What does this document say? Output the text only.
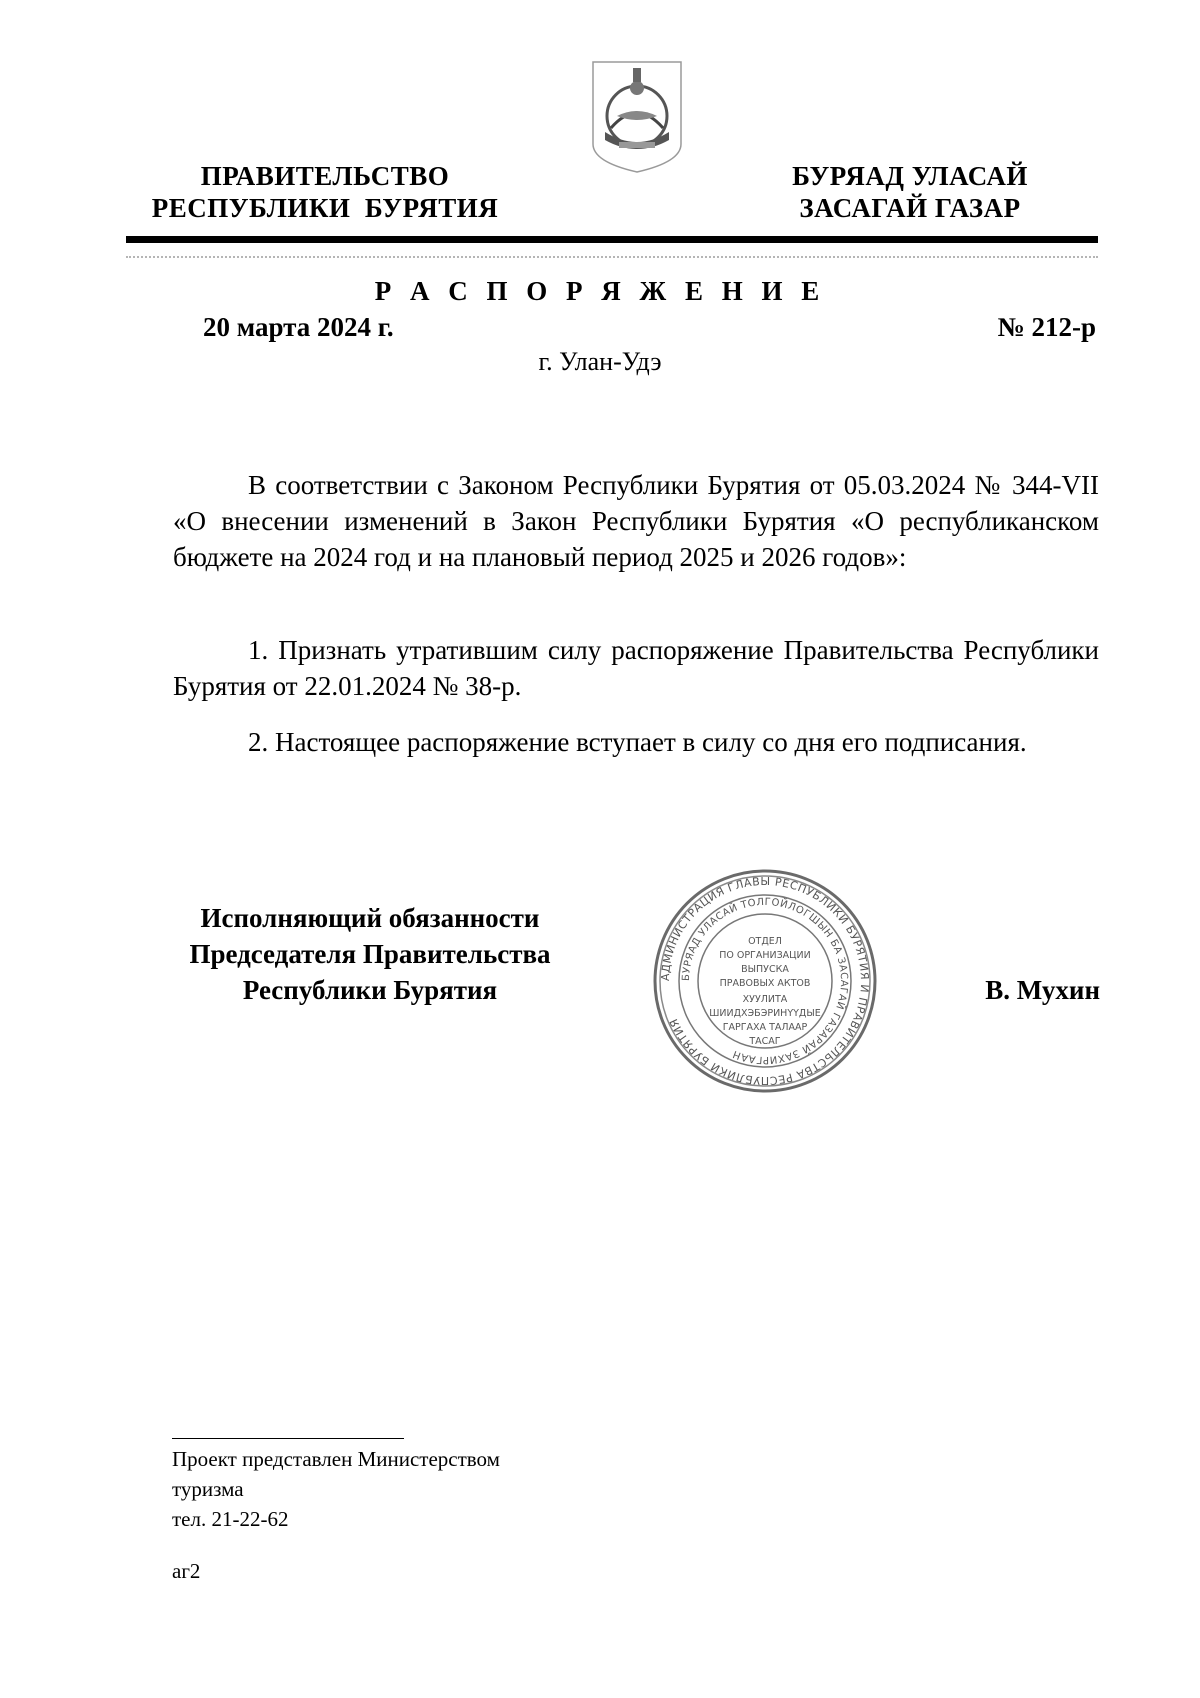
ПРАВИТЕЛЬСТВО
РЕСПУБЛИКИ  БУРЯТИЯ
БУРЯАД УЛАСАЙ
ЗАСАГАЙ ГАЗАР
Р А С П О Р Я Ж Е Н И Е
20 марта 2024 г.	№ 212-р
г. Улан-Удэ
В соответствии с Законом Республики Бурятия от 05.03.2024 № 344-VII «О внесении изменений в Закон Республики Бурятия «О республиканском бюджете на 2024 год и на плановый период 2025 и 2026 годов»:
1. Признать утратившим силу распоряжение Правительства Республики Бурятия от 22.01.2024 № 38-р.
2. Настоящее распоряжение вступает в силу со дня его подписания.
Исполняющий обязанности
Председателя Правительства
Республики Бурятия	АДМИНИСТРАЦИЯ ГЛАВЫ РЕСПУБЛИКИ БУРЯТИЯ И ПРАВИТЕЛЬСТВА РЕСПУБЛИКИ БУРЯТИЯ
БУРЯАД УЛАСАЙ ТОЛГОЙЛОГШЫН БА ЗАСАГАЙ ГАЗАРАЙ ЗАХИРГААН
ОТДЕЛ
ПО ОРГАНИЗАЦИИ
ВЫПУСКА
ПРАВОВЫХ АКТОВ
ХУУЛИТА
ШИИДХЭБЭРИНҮҮДЫЕ
ГАРГАХА ТАЛААР
ТАСАГ
В. Мухин
Проект представлен Министерством
туризма
тел. 21-22-62
аг2
